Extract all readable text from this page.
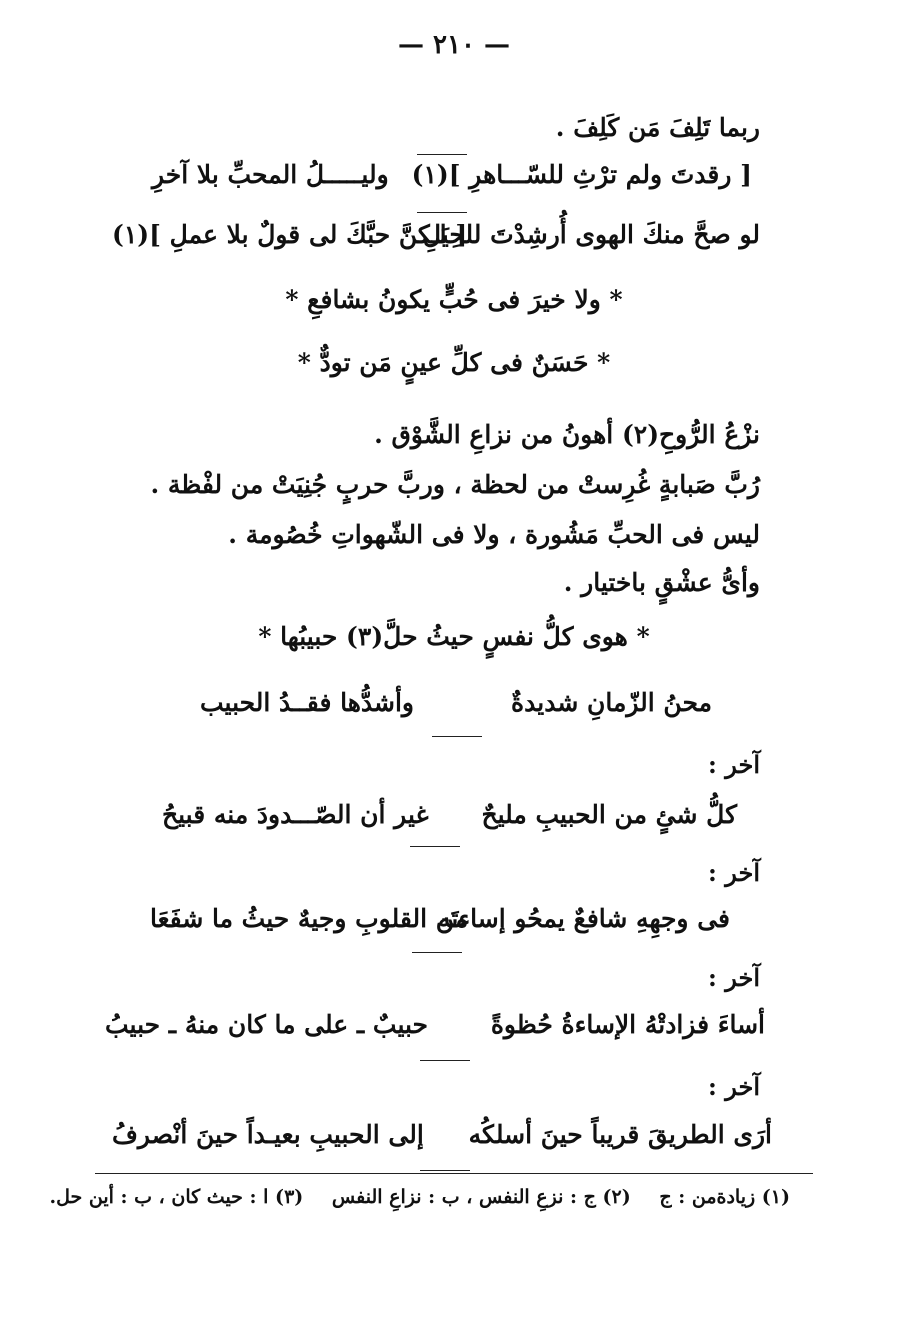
— ٢١٠ —
ربما تَلِفَ مَن كَلِفَ .
[ رقدتَ ولم ترْثِ للسّـــاهرِ ](١)
وليـــــلُ المحبِّ بلا آخرِ
لو صحَّ منكَ الهوى أُرشِدْتَ للحِيَلِ
[ لـكنَّ حبَّكَ لى قولٌ بلا عملِ ](١)
* ولا خيرَ فى حُبٍّ يكونُ بشافعِ *
* حَسَنٌ فى كلِّ عينٍ مَن تودٌّ *
نزْعُ الرُّوحِ(٢) أهونُ من نزاعِ الشَّوْق .
رُبَّ صَبابةٍ غُرِستْ من لحظة ، وربَّ حربٍ جُنِيَتْ من لفْظة .
ليس فى الحبِّ مَشُورة ، ولا فى الشّهواتِ خُصُومة .
وأىُّ عشْقٍ باختيار .
* هوى كلُّ نفسٍ حيثُ حلَّ(٣) حبيبُها *
محنُ الزّمانِ شديدةٌ
وأشدُّها فقــدُ الحبيب
آخر :
كلُّ شئٍ من الحبيبِ مليحٌ
غير أن الصّـــدودَ منه قبيحُ
آخر :
فى وجهِهِ شافعٌ يمحُو إساءتَه
من القلوبِ وجيهٌ حيثُ ما شفَعَا
آخر :
أساءَ فزادتْهُ الإساءةُ حُظوةً
حبيبٌ ـ على ما كان منهُ ـ حبيبُ
آخر :
أرَى الطريقَ قريباً حينَ أسلكُه
إلى الحبيبِ بعيـداً حينَ أنْصرفُ
(١) زيادةمن : ج (٢) ج : نزعِ النفس ، ب : نزاعِ النفس (٣) ا : حيث كان ، ب : أين حل.
